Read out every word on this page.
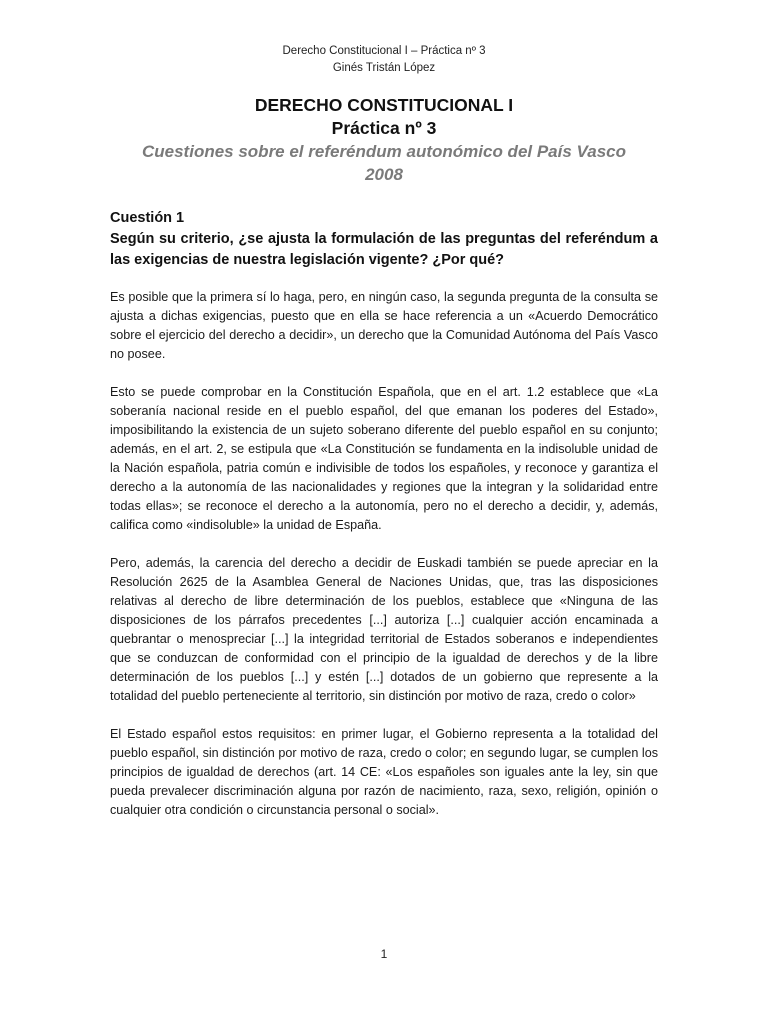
Derecho Constitucional I – Práctica nº 3
Ginés Tristán López
DERECHO CONSTITUCIONAL I
Práctica nº 3
Cuestiones sobre el referéndum autonómico del País Vasco
2008
Cuestión 1
Según su criterio, ¿se ajusta la formulación de las preguntas del referéndum a las exigencias de nuestra legislación vigente? ¿Por qué?

Es posible que la primera sí lo haga, pero, en ningún caso, la segunda pregunta de la consulta se ajusta a dichas exigencias, puesto que en ella se hace referencia a un «Acuerdo Democrático sobre el ejercicio del derecho a decidir», un derecho que la Comunidad Autónoma del País Vasco no posee.

Esto se puede comprobar en la Constitución Española, que en el art. 1.2 establece que «La soberanía nacional reside en el pueblo español, del que emanan los poderes del Estado», imposibilitando la existencia de un sujeto soberano diferente del pueblo español en su conjunto; además, en el art. 2, se estipula que «La Constitución se fundamenta en la indisoluble unidad de la Nación española, patria común e indivisible de todos los españoles, y reconoce y garantiza el derecho a la autonomía de las nacionalidades y regiones que la integran y la solidaridad entre todas ellas»; se reconoce el derecho a la autonomía, pero no el derecho a decidir, y, además, califica como «indisoluble» la unidad de España.

Pero, además, la carencia del derecho a decidir de Euskadi también se puede apreciar en la Resolución 2625 de la Asamblea General de Naciones Unidas, que, tras las disposiciones relativas al derecho de libre determinación de los pueblos, establece que «Ninguna de las disposiciones de los párrafos precedentes [...] autoriza [...] cualquier acción encaminada a quebrantar o menospreciar [...] la integridad territorial de Estados soberanos e independientes que se conduzcan de conformidad con el principio de la igualdad de derechos y de la libre determinación de los pueblos [...] y estén [...] dotados de un gobierno que represente a la totalidad del pueblo perteneciente al territorio, sin distinción por motivo de raza, credo o color»

El Estado español estos requisitos: en primer lugar, el Gobierno representa a la totalidad del pueblo español, sin distinción por motivo de raza, credo o color; en segundo lugar, se cumplen los principios de igualdad de derechos (art. 14 CE: «Los españoles son iguales ante la ley, sin que pueda prevalecer discriminación alguna por razón de nacimiento, raza, sexo, religión, opinión o cualquier otra condición o circunstancia personal o social».

1
